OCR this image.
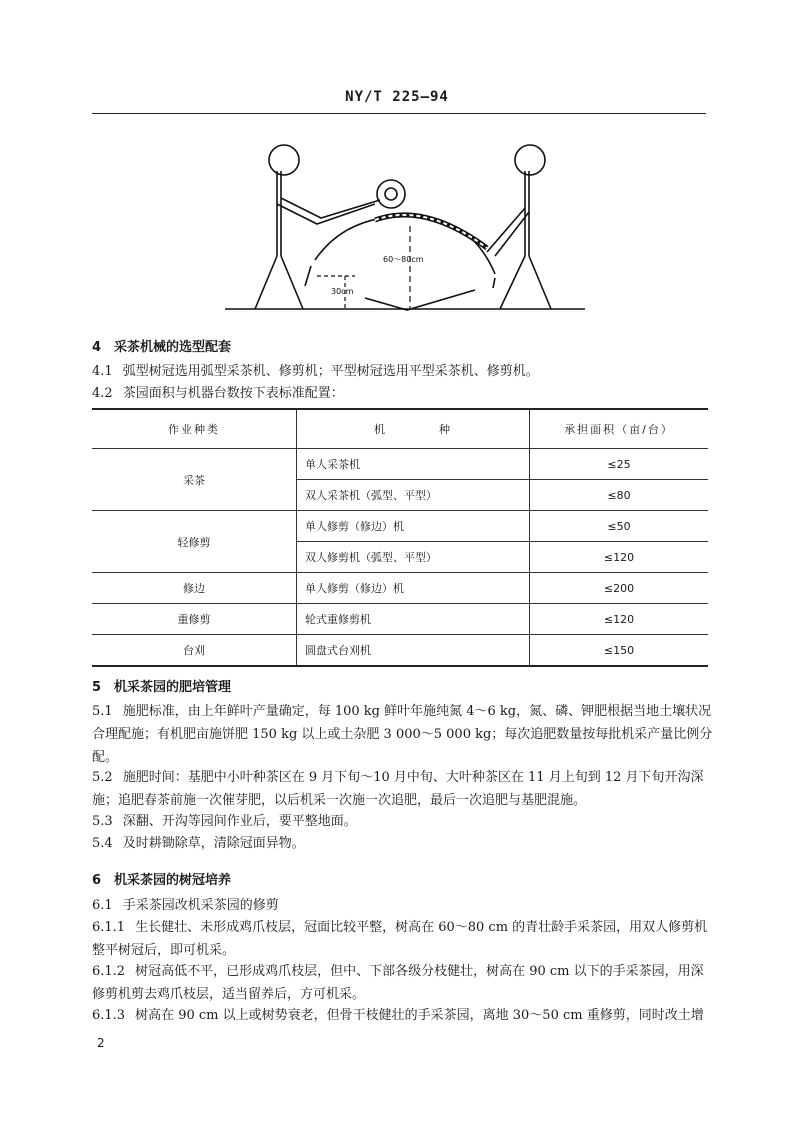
NY/T 225—94
60～80cm
30cm
4 采茶机械的选型配套
4.1 弧型树冠选用弧型采茶机、修剪机；平型树冠选用平型采茶机、修剪机。
4.2 茶园面积与机器台数按下表标准配置：
作业种类	机　　　　种	承担面积（亩/台）
采茶	单人采茶机	≤25
	双人采茶机（弧型、平型）	≤80
轻修剪	单人修剪（修边）机	≤50
	双人修剪机（弧型、平型）	≤120
修边	单人修剪（修边）机	≤200
重修剪	轮式重修剪机	≤120
台刈	圆盘式台刈机	≤150
5 机采茶园的肥培管理
5.1 施肥标准，由上年鲜叶产量确定，每 100 kg 鲜叶年施纯氮 4～6 kg，氮、磷、钾肥根据当地土壤状况合理配施；有机肥亩施饼肥 150 kg 以上或土杂肥 3 000～5 000 kg；每次追肥数量按每批机采产量比例分配。
5.2 施肥时间：基肥中小叶种茶区在 9 月下旬～10 月中旬、大叶种茶区在 11 月上旬到 12 月下旬开沟深施；追肥春茶前施一次催芽肥，以后机采一次施一次追肥，最后一次追肥与基肥混施。
5.3 深翻、开沟等园间作业后，要平整地面。
5.4 及时耕锄除草，清除冠面异物。
6 机采茶园的树冠培养
6.1 手采茶园改机采茶园的修剪
6.1.1 生长健壮、未形成鸡爪枝层，冠面比较平整，树高在 60～80 cm 的青壮龄手采茶园，用双人修剪机整平树冠后，即可机采。
6.1.2 树冠高低不平，已形成鸡爪枝层，但中、下部各级分枝健壮，树高在 90 cm 以下的手采茶园，用深修剪机剪去鸡爪枝层，适当留养后，方可机采。
6.1.3 树高在 90 cm 以上或树势衰老，但骨干枝健壮的手采茶园，离地 30～50 cm 重修剪，同时改土增
2
